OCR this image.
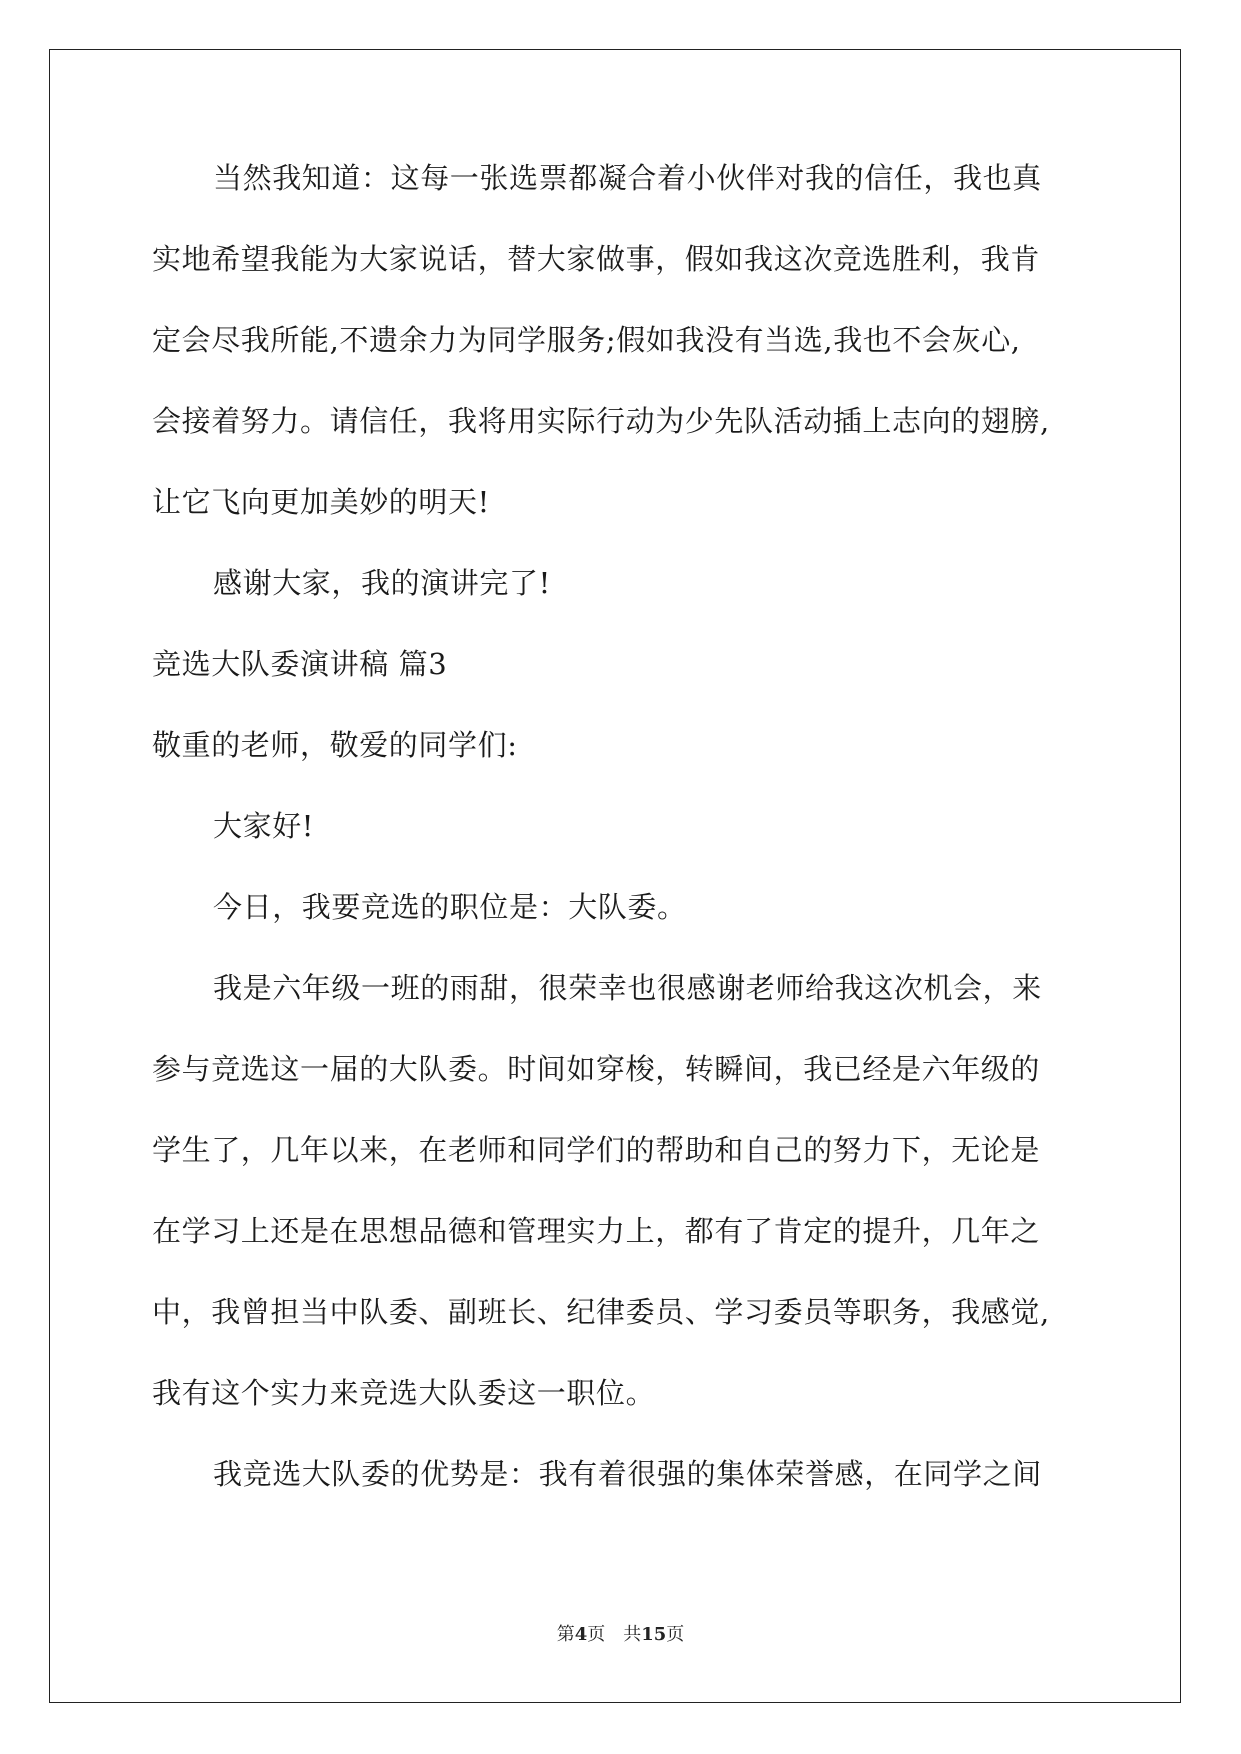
当然我知道：这每一张选票都凝合着小伙伴对我的信任，我也真
实地希望我能为大家说话，替大家做事，假如我这次竞选胜利，我肯
定会尽我所能,不遗余力为同学服务;假如我没有当选,我也不会灰心,
会接着努力。请信任，我将用实际行动为少先队活动插上志向的翅膀,
让它飞向更加美妙的明天!
感谢大家，我的演讲完了!
竞选大队委演讲稿 篇3
敬重的老师，敬爱的同学们:
大家好!
今日，我要竞选的职位是：大队委。
我是六年级一班的雨甜，很荣幸也很感谢老师给我这次机会，来
参与竞选这一届的大队委。时间如穿梭，转瞬间，我已经是六年级的
学生了，几年以来，在老师和同学们的帮助和自己的努力下，无论是
在学习上还是在思想品德和管理实力上，都有了肯定的提升，几年之
中，我曾担当中队委、副班长、纪律委员、学习委员等职务，我感觉,
我有这个实力来竞选大队委这一职位。
我竞选大队委的优势是：我有着很强的集体荣誉感，在同学之间
第4页　共15页
